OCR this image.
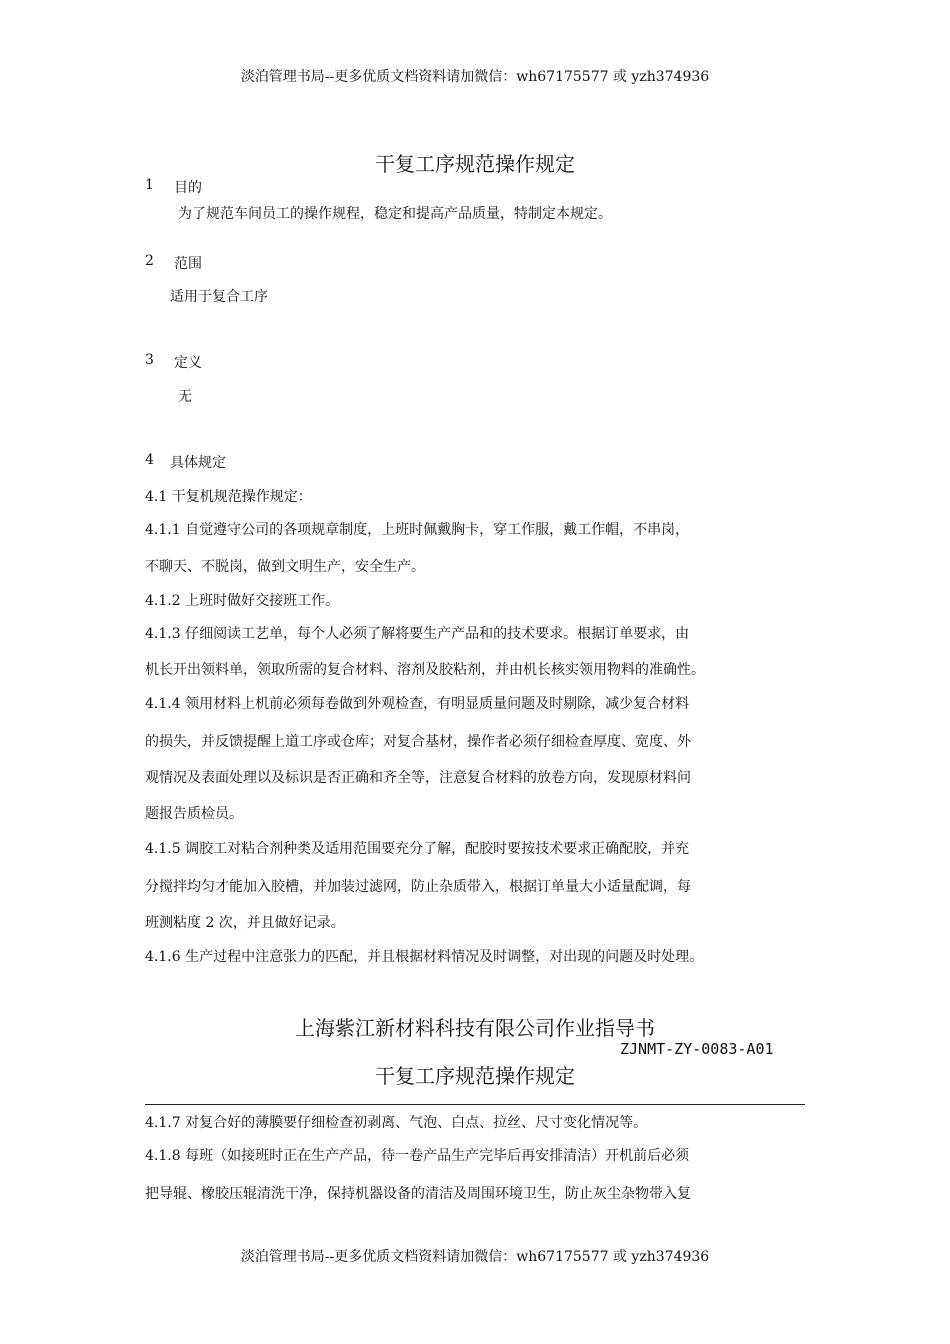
淡泊管理书局--更多优质文档资料请加微信：wh67175577 或 yzh374936
干复工序规范操作规定
1 目的
为了规范车间员工的操作规程，稳定和提高产品质量，特制定本规定。
2 范围
适用于复合工序
3 定义
无
4 具体规定
4.1 干复机规范操作规定：
4.1.1 自觉遵守公司的各项规章制度，上班时佩戴胸卡，穿工作服，戴工作帽，不串岗，
不聊天、不脱岗，做到文明生产，安全生产。
4.1.2 上班时做好交接班工作。
4.1.3 仔细阅读工艺单，每个人必须了解将要生产产品和的技术要求。根据订单要求，由
机长开出领料单，领取所需的复合材料、溶剂及胶粘剂，并由机长核实领用物料的准确性。
4.1.4 领用材料上机前必须每卷做到外观检查，有明显质量问题及时剔除，减少复合材料
的损失，并反馈提醒上道工序或仓库；对复合基材，操作者必须仔细检查厚度、宽度、外
观情况及表面处理以及标识是否正确和齐全等，注意复合材料的放卷方向，发现原材料问
题报告质检员。
4.1.5 调胶工对粘合剂种类及适用范围要充分了解，配胶时要按技术要求正确配胶，并充
分搅拌均匀才能加入胶槽，并加装过滤网，防止杂质带入，根据订单量大小适量配调，每
班测粘度 2 次，并且做好记录。
4.1.6 生产过程中注意张力的匹配，并且根据材料情况及时调整，对出现的问题及时处理。
上海紫江新材料科技有限公司作业指导书
ZJNMT-ZY-0083-A01
干复工序规范操作规定
4.1.7 对复合好的薄膜要仔细检查初剥离、气泡、白点、拉丝、尺寸变化情况等。
4.1.8 每班（如接班时正在生产产品，待一卷产品生产完毕后再安排清洁）开机前后必须
把导辊、橡胶压辊清洗干净，保持机器设备的清洁及周围环境卫生，防止灰尘杂物带入复
淡泊管理书局--更多优质文档资料请加微信：wh67175577 或 yzh374936
